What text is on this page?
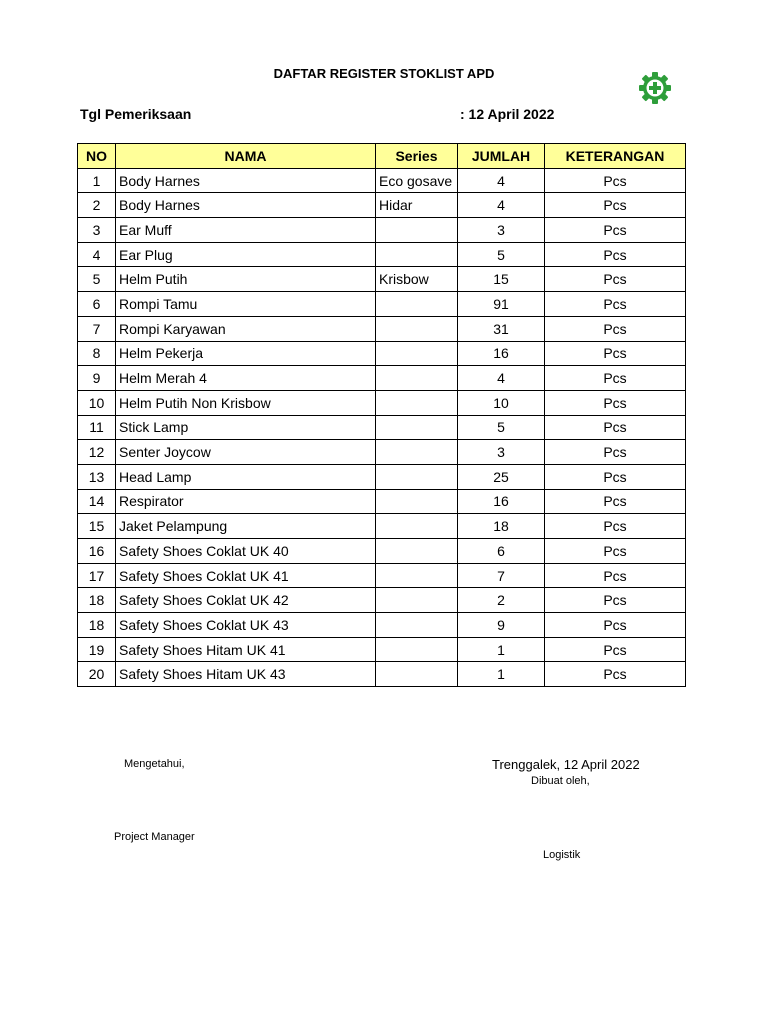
DAFTAR REGISTER STOKLIST APD
Tgl Pemeriksaan	: 12 April 2022
NO	NAMA	Series	JUMLAH	KETERANGAN
1	Body Harnes	Eco gosave	4	Pcs
2	Body Harnes	Hidar	4	Pcs
3	Ear Muff		3	Pcs
4	Ear Plug		5	Pcs
5	Helm Putih	Krisbow	15	Pcs
6	Rompi Tamu		91	Pcs
7	Rompi Karyawan		31	Pcs
8	Helm Pekerja		16	Pcs
9	Helm Merah 4		4	Pcs
10	Helm Putih Non Krisbow		10	Pcs
11	Stick Lamp		5	Pcs
12	Senter Joycow		3	Pcs
13	Head Lamp		25	Pcs
14	Respirator		16	Pcs
15	Jaket Pelampung		18	Pcs
16	Safety Shoes Coklat UK 40		6	Pcs
17	Safety Shoes Coklat UK 41		7	Pcs
18	Safety Shoes Coklat UK 42		2	Pcs
18	Safety Shoes Coklat UK 43		9	Pcs
19	Safety Shoes Hitam UK 41		1	Pcs
20	Safety Shoes Hitam UK 43		1	Pcs
Mengetahui,
Project Manager
Trenggalek, 12 April 2022
Dibuat oleh,
Logistik
